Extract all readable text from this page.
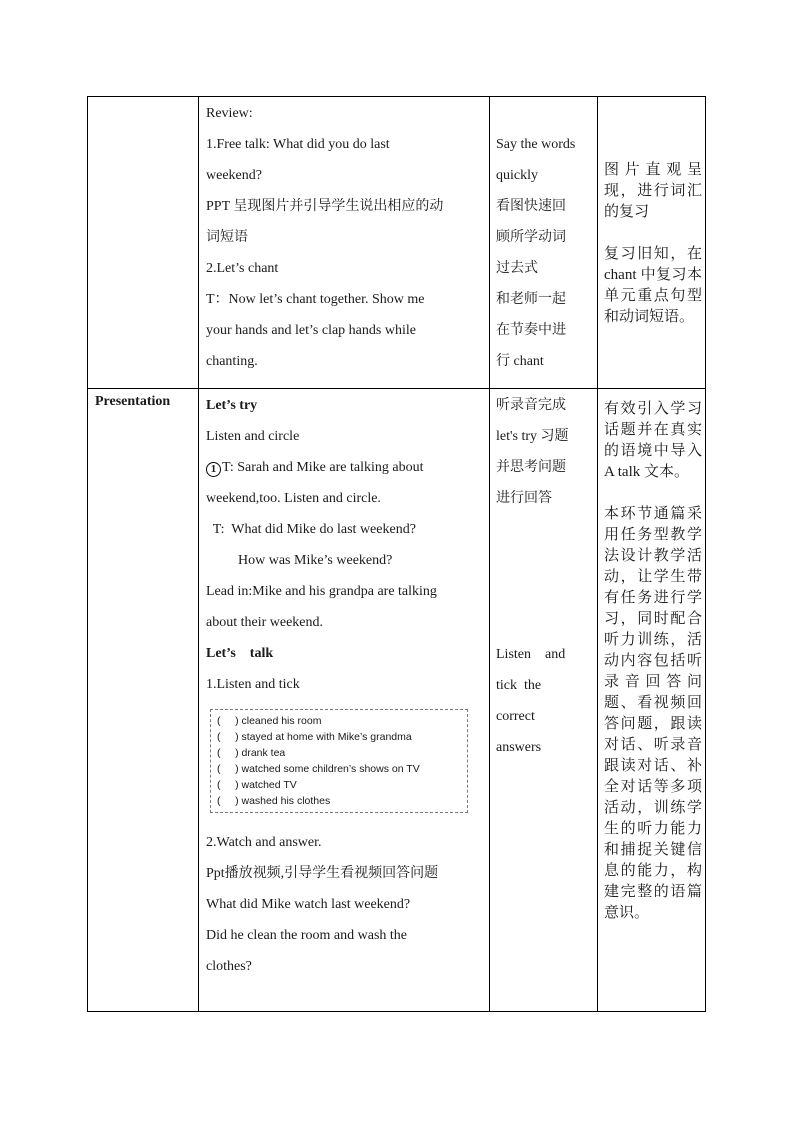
Review:
1.Free talk: What did you do last
weekend?
PPT 呈现图片并引导学生说出相应的动
词短语
2.Let’s chant
T：Now let’s chant together. Show me
your hands and let’s clap hands while
chanting.
Say the words
quickly
看图快速回
顾所学动词
过去式
和老师一起
在节奏中进
行 chant

图片直观呈现，进行词汇的复习

复习旧知，在 chant 中复习本单元重点句型和动词短语。

Presentation	Let’s try
Listen and circle
1 T: Sarah and Mike are talking about
weekend,too. Listen and circle.
T:  What did Mike do last weekend?
How was Mike’s weekend?
Lead in:Mike and his grandpa are talking
about their weekend.
Let’s    talk
1.Listen and tick
(     ) cleaned his room
(     ) stayed at home with Mike’s grandma
(     ) drank tea
(     ) watched some children’s shows on TV
(     ) watched TV
(     ) washed his clothes
2.Watch and answer.
Ppt播放视频,引导学生看视频回答问题
What did Mike watch last weekend?
Did he clean the room and wash the
clothes?
听录音完成
let's try 习题
并思考问题
进行回答
Listen    and
tick  the
correct
answers

有效引入学习话题并在真实的语境中导入 A talk 文本。

本环节通篇采用任务型教学法设计教学活动，让学生带有任务进行学习，同时配合听力训练，活动内容包括听录音回答问题、看视频回答问题，跟读对话、听录音跟读对话、补全对话等多项活动，训练学生的听力能力和捕捉关键信息的能力，构建完整的语篇意识。
